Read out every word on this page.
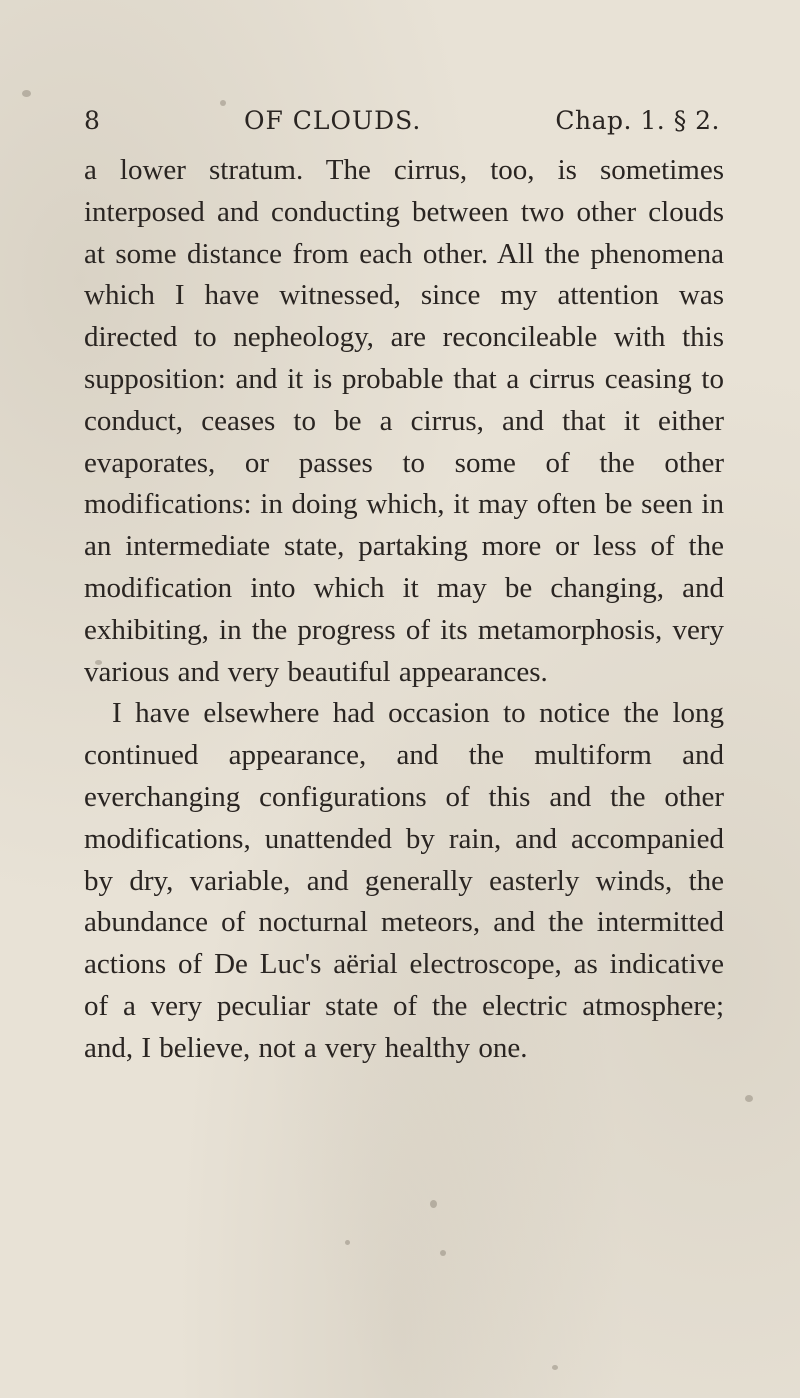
8	OF CLOUDS.	Chap. 1. § 2.

a lower stratum. The cirrus, too, is sometimes interposed and conducting between two other clouds at some distance from each other. All the phenomena which I have witnessed, since my attention was directed to nepheology, are reconcileable with this supposition: and it is probable that a cirrus ceasing to conduct, ceases to be a cirrus, and that it either evaporates, or passes to some of the other modifications: in doing which, it may often be seen in an intermediate state, partaking more or less of the modification into which it may be changing, and exhibiting, in the progress of its metamorphosis, very various and very beautiful appearances.

I have elsewhere had occasion to notice the long continued appearance, and the multiform and everchanging configurations of this and the other modifications, unattended by rain, and accompanied by dry, variable, and generally easterly winds, the abundance of nocturnal meteors, and the intermitted actions of De Luc's aërial electroscope, as indicative of a very peculiar state of the electric atmosphere; and, I believe, not a very healthy one.
